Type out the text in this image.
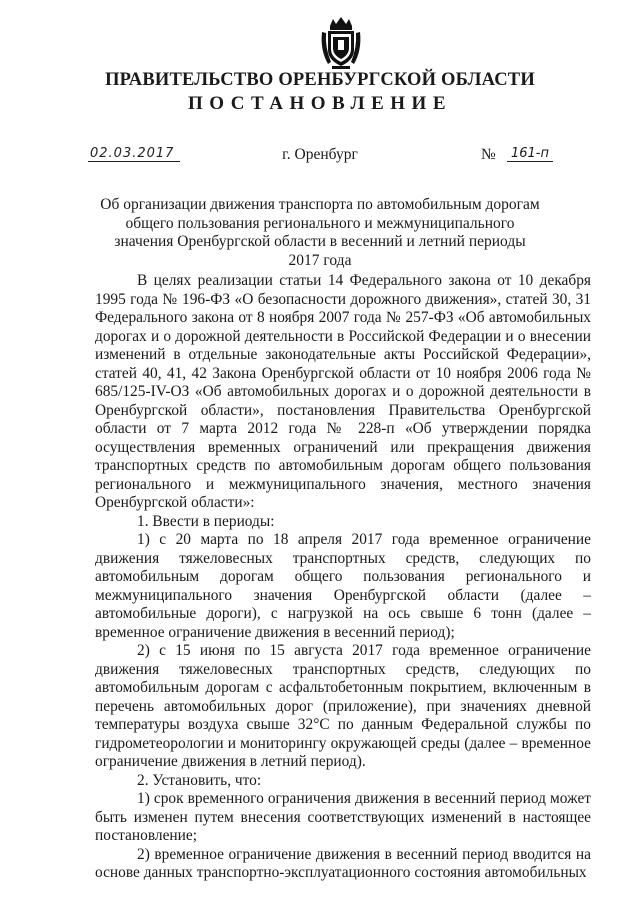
ПРАВИТЕЛЬСТВО ОРЕНБУРГСКОЙ ОБЛАСТИ
ПОСТАНОВЛЕНИЕ
02.03.2017	г. Оренбург	№	161-п
Об организации движения транспорта по автомобильным дорогам общего пользования регионального и межмуниципального значения Оренбургской области в весенний и летний периоды 2017 года

В целях реализации статьи 14 Федерального закона от 10 декабря 1995 года № 196-ФЗ «О безопасности дорожного движения», статей 30, 31 Федерального закона от 8 ноября 2007 года № 257-ФЗ «Об автомобильных дорогах и о дорожной деятельности в Российской Федерации и о внесении изменений в отдельные законодательные акты Российской Федерации», статей 40, 41, 42 Закона Оренбургской области от 10 ноября 2006 года № 685/125-IV-ОЗ «Об автомобильных дорогах и о дорожной деятельности в Оренбургской области», постановления Правительства Оренбургской области от 7 марта 2012 года № 228-п «Об утверждении порядка осуществления временных ограничений или прекращения движения транспортных средств по автомобильным дорогам общего пользования регионального и межмуниципального значения, местного значения Оренбургской области»:

1. Ввести в периоды:

1) с 20 марта по 18 апреля 2017 года временное ограничение движения тяжеловесных транспортных средств, следующих по автомобильным дорогам общего пользования регионального и межмуниципального значения Оренбургской области (далее – автомобильные дороги), с нагрузкой на ось свыше 6 тонн (далее – временное ограничение движения в весенний период);

2) с 15 июня по 15 августа 2017 года временное ограничение движения тяжеловесных транспортных средств, следующих по автомобильным дорогам с асфальтобетонным покрытием, включенным в перечень автомобильных дорог (приложение), при значениях дневной температуры воздуха свыше 32°С по данным Федеральной службы по гидрометеорологии и мониторингу окружающей среды (далее – временное ограничение движения в летний период).

2. Установить, что:

1) срок временного ограничения движения в весенний период может быть изменен путем внесения соответствующих изменений в настоящее постановление;

2) временное ограничение движения в весенний период вводится на основе данных транспортно-эксплуатационного состояния автомобильных
